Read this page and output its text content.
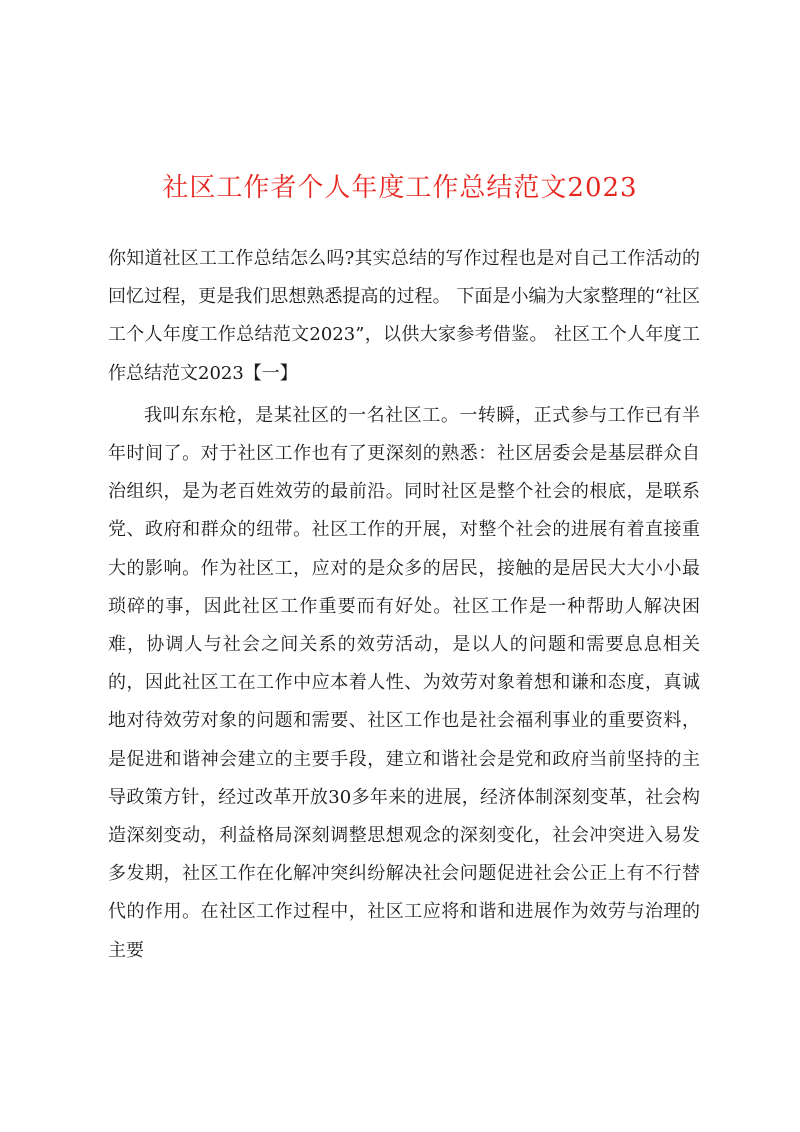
社区工作者个人年度工作总结范文2023

你知道社区工工作总结怎么吗?其实总结的写作过程也是对自己工作活动的回忆过程，更是我们思想熟悉提高的过程。 下面是小编为大家整理的“社区工个人年度工作总结范文2023”，以供大家参考借鉴。 社区工个人年度工作总结范文2023【一】

我叫东东枪，是某社区的一名社区工。一转瞬，正式参与工作已有半年时间了。对于社区工作也有了更深刻的熟悉：社区居委会是基层群众自治组织，是为老百姓效劳的最前沿。同时社区是整个社会的根底，是联系党、政府和群众的纽带。社区工作的开展，对整个社会的进展有着直接重大的影响。作为社区工，应对的是众多的居民，接触的是居民大大小小最琐碎的事，因此社区工作重要而有好处。社区工作是一种帮助人解决困难，协调人与社会之间关系的效劳活动，是以人的问题和需要息息相关的，因此社区工在工作中应本着人性、为效劳对象着想和谦和态度，真诚地对待效劳对象的问题和需要、社区工作也是社会福利事业的重要资料，是促进和谐神会建立的主要手段，建立和谐社会是党和政府当前坚持的主导政策方针，经过改革开放30多年来的进展，经济体制深刻变革，社会构造深刻变动，利益格局深刻调整思想观念的深刻变化，社会冲突进入易发多发期，社区工作在化解冲突纠纷解决社会问题促进社会公正上有不行替代的作用。在社区工作过程中，社区工应将和谐和进展作为效劳与治理的主要
